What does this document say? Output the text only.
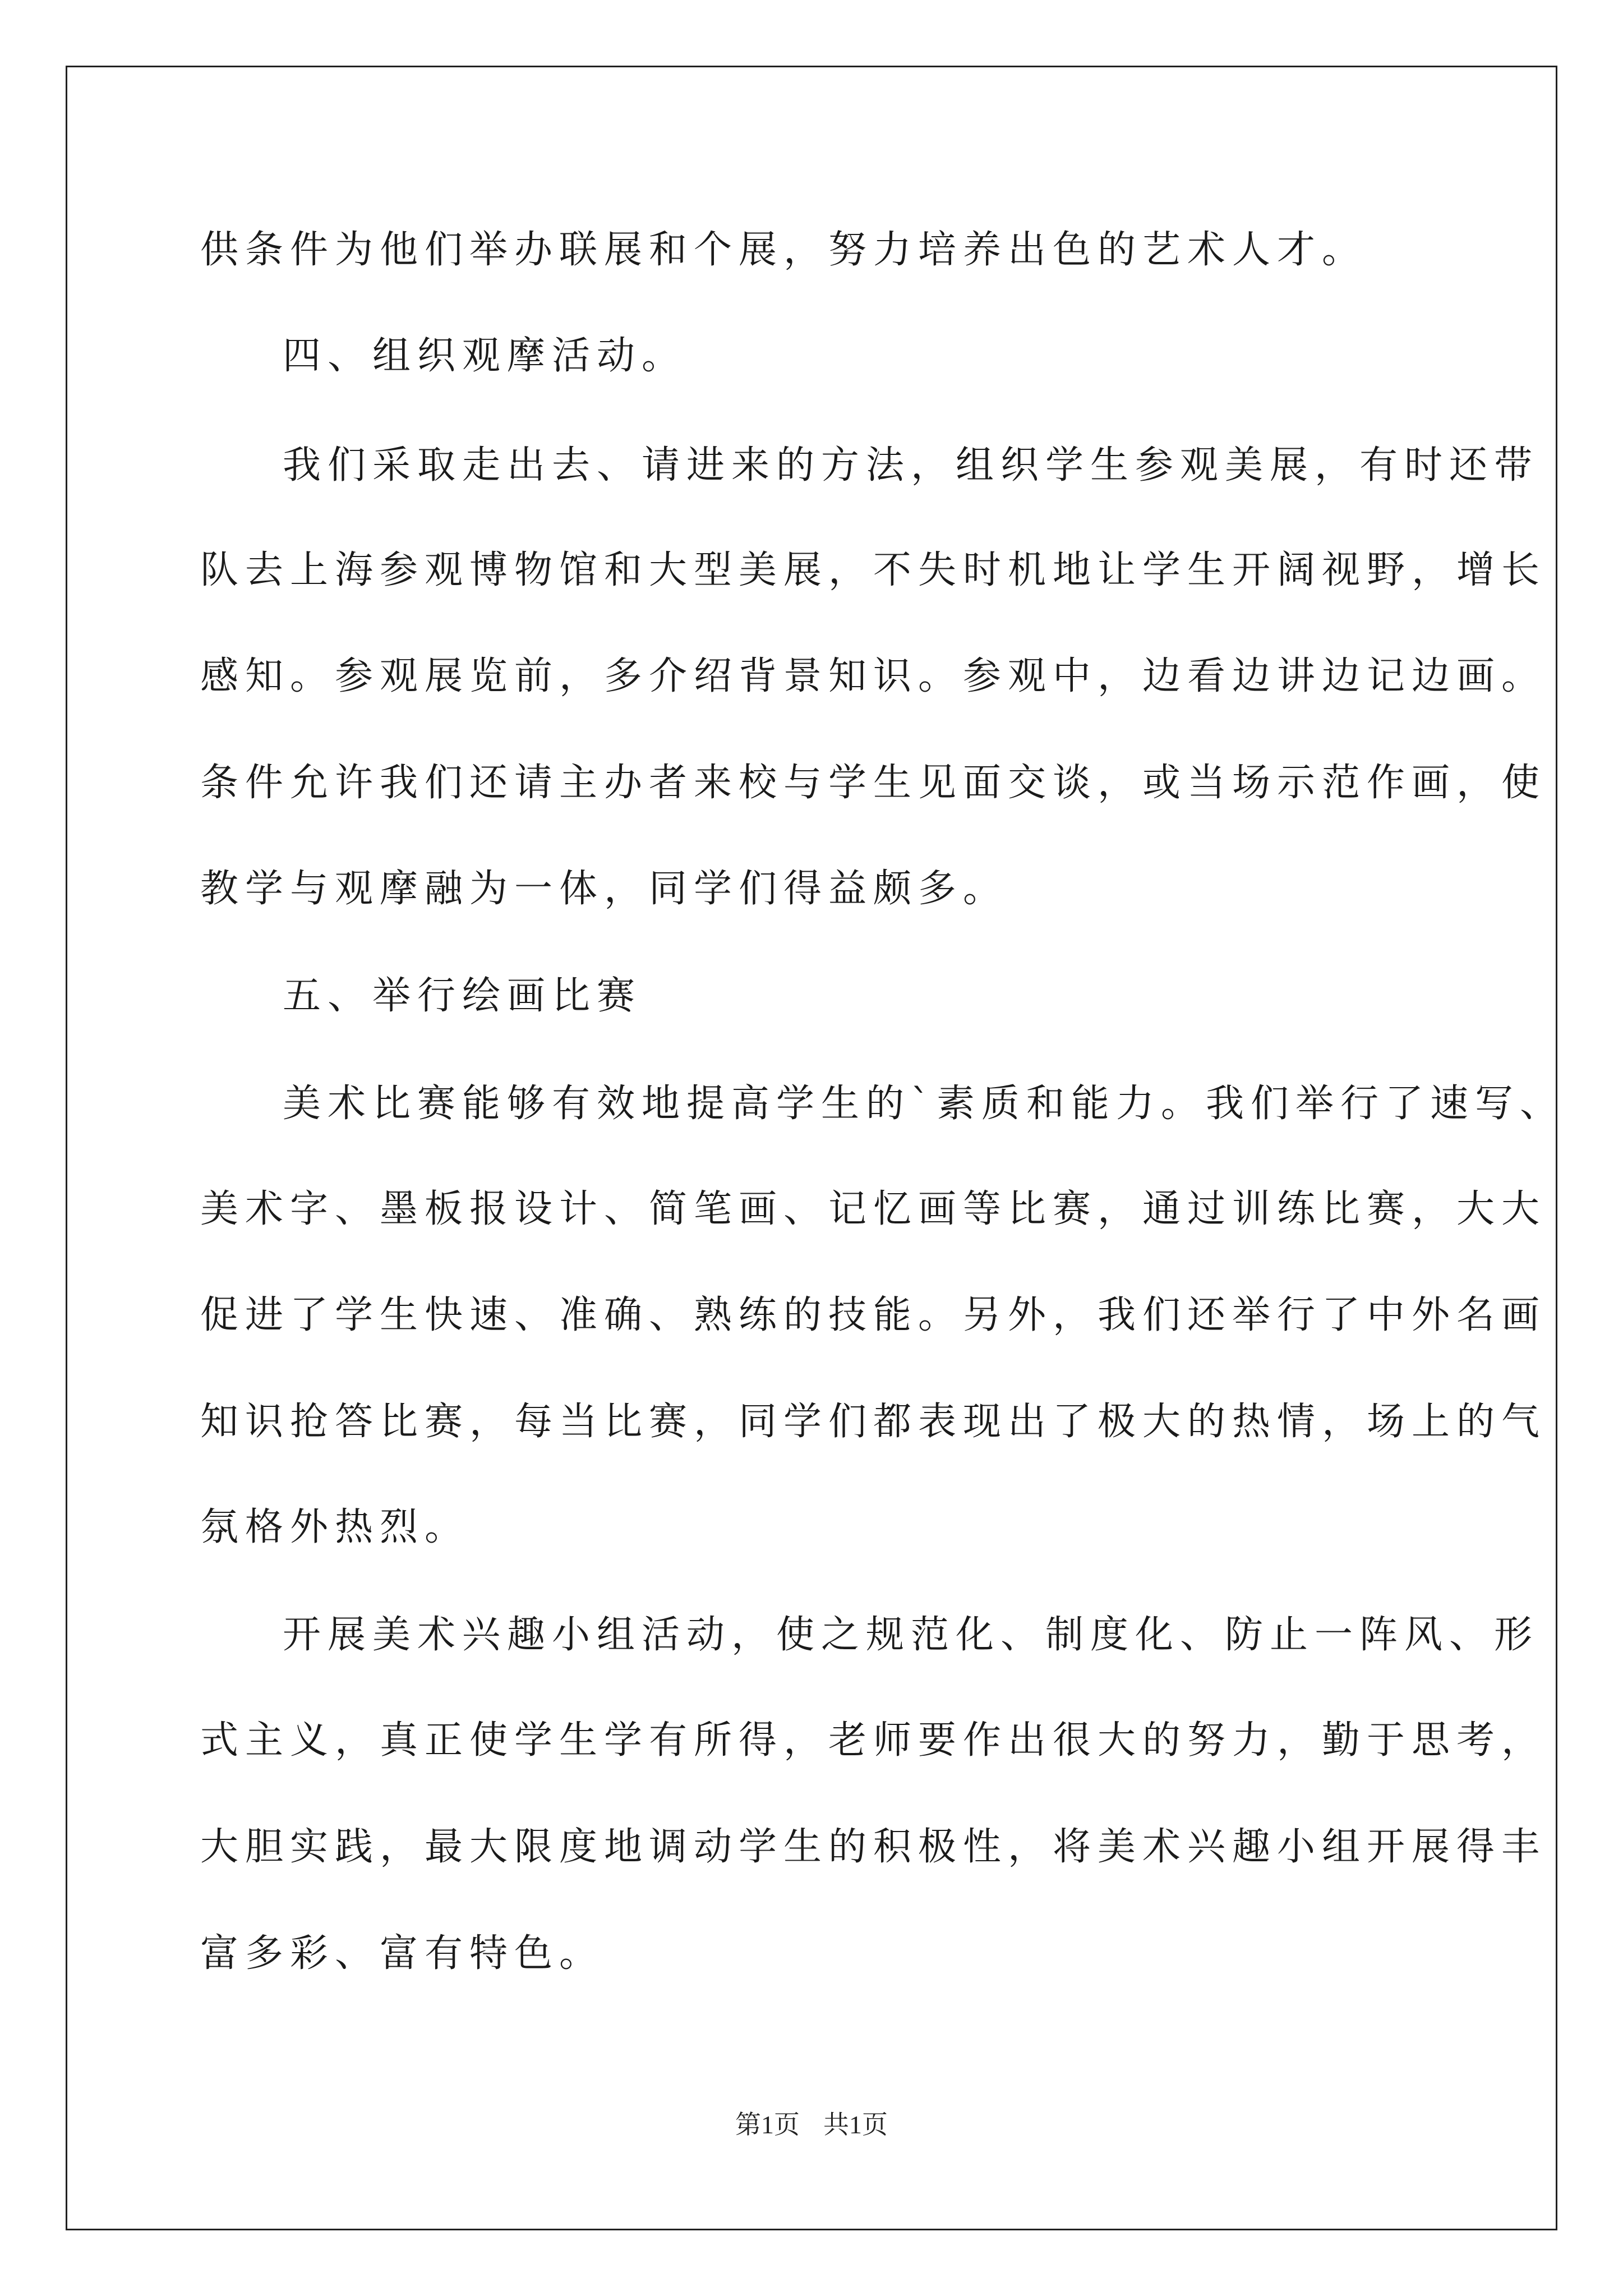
供条件为他们举办联展和个展，努力培养出色的艺术人才。
四、组织观摩活动。
我们采取走出去、请进来的方法，组织学生参观美展，有时还带
队去上海参观博物馆和大型美展，不失时机地让学生开阔视野，增长
感知。参观展览前，多介绍背景知识。参观中，边看边讲边记边画。
条件允许我们还请主办者来校与学生见面交谈，或当场示范作画，使
教学与观摩融为一体，同学们得益颇多。
五、举行绘画比赛
美术比赛能够有效地提高学生的`素质和能力。我们举行了速写、
美术字、墨板报设计、简笔画、记忆画等比赛，通过训练比赛，大大
促进了学生快速、准确、熟练的技能。另外，我们还举行了中外名画
知识抢答比赛，每当比赛，同学们都表现出了极大的热情，场上的气
氛格外热烈。
开展美术兴趣小组活动，使之规范化、制度化、防止一阵风、形
式主义，真正使学生学有所得，老师要作出很大的努力，勤于思考，
大胆实践，最大限度地调动学生的积极性，将美术兴趣小组开展得丰
富多彩、富有特色。
第1页 共1页
